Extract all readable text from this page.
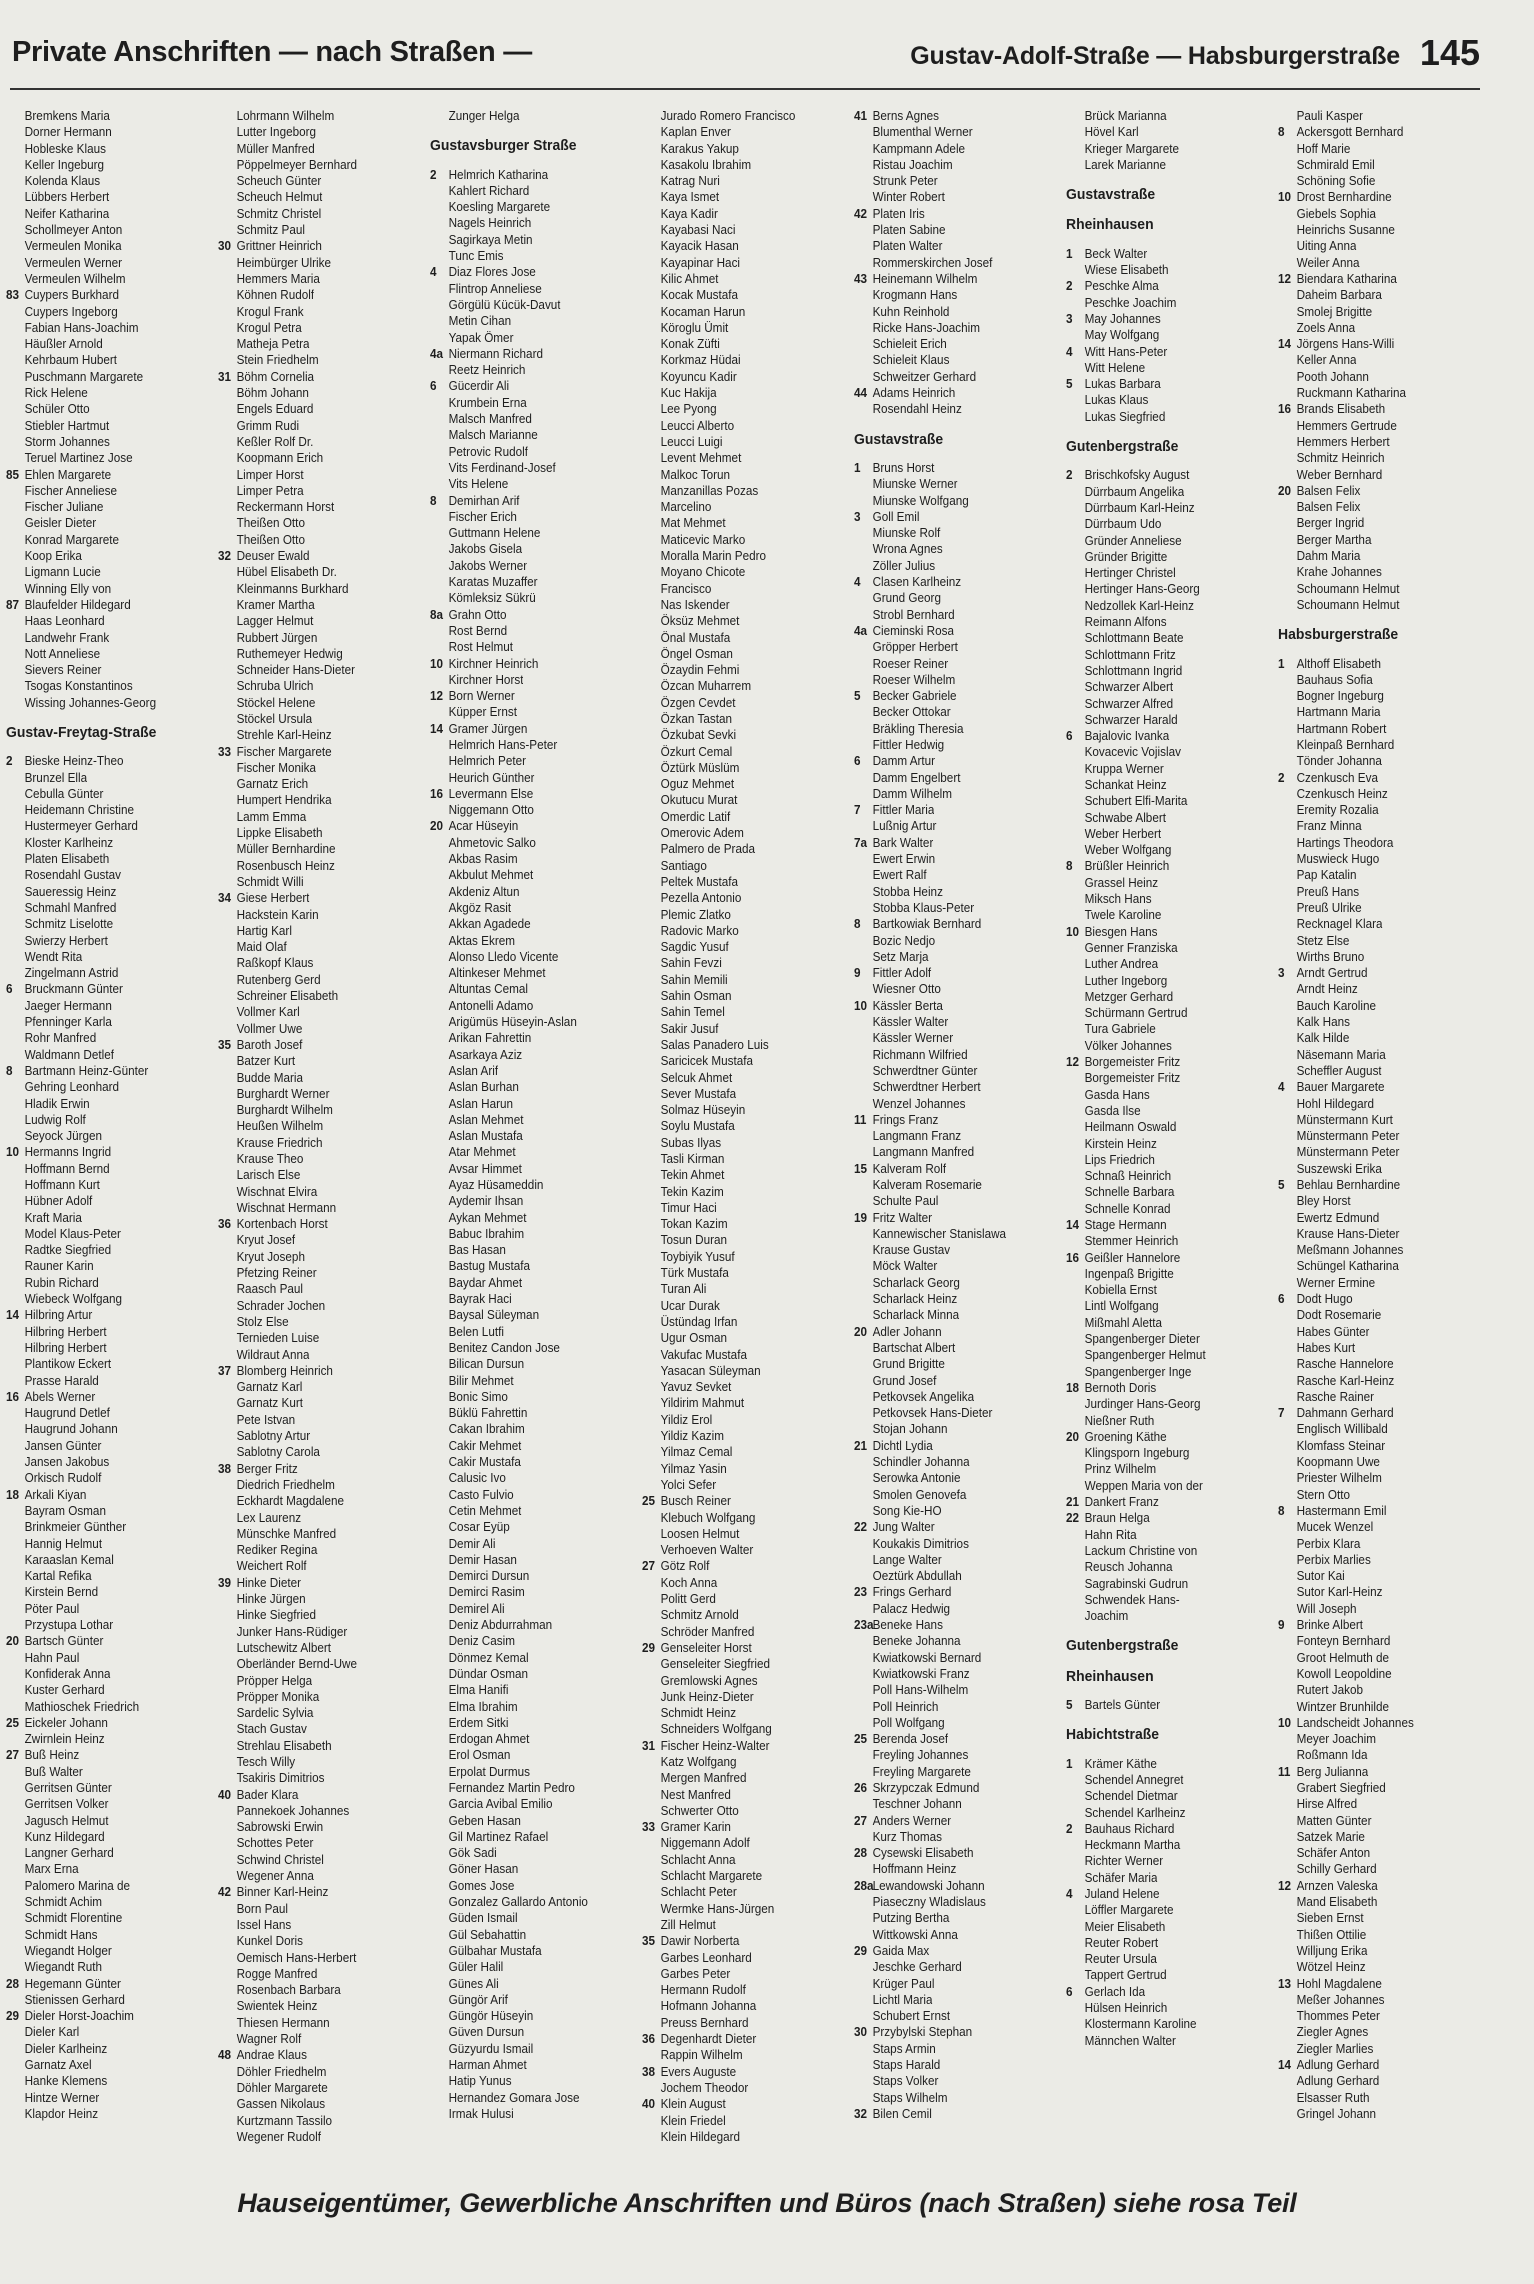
Private Anschriften — nach Straßen —	Gustav-Adolf-Straße — Habsburgerstraße 145
Bremkens Maria
Dorner Hermann
Hobleske Klaus
Keller Ingeburg
Kolenda Klaus
Lübbers Herbert
Neifer Katharina
Schollmeyer Anton
Vermeulen Monika
Vermeulen Werner
Vermeulen Wilhelm
83 Cuypers Burkhard
Cuypers Ingeborg
Fabian Hans-Joachim
Häußler Arnold
Kehrbaum Hubert
Puschmann Margarete
Rick Helene
Schüler Otto
Stiebler Hartmut
Storm Johannes
Teruel Martinez Jose
85 Ehlen Margarete
Fischer Anneliese
Fischer Juliane
Geisler Dieter
Konrad Margarete
Koop Erika
Ligmann Lucie
Winning Elly von
87 Blaufelder Hildegard
Haas Leonhard
Landwehr Frank
Nott Anneliese
Sievers Reiner
Tsogas Konstantinos
Wissing Johannes-Georg
Gustav-Freytag-Straße
2 Bieske Heinz-Theo
Brunzel Ella
Cebulla Günter
Heidemann Christine
Hustermeyer Gerhard
Kloster Karlheinz
Platen Elisabeth
Rosendahl Gustav
Saueressig Heinz
Schmahl Manfred
Schmitz Liselotte
Swierzy Herbert
Wendt Rita
Zingelmann Astrid
6 Bruckmann Günter
Jaeger Hermann
Pfenninger Karla
Rohr Manfred
Waldmann Detlef
8 Bartmann Heinz-Günter
Gehring Leonhard
Hladik Erwin
Ludwig Rolf
Seyock Jürgen
10 Hermanns Ingrid
Hoffmann Bernd
Hoffmann Kurt
Hübner Adolf
Kraft Maria
Model Klaus-Peter
Radtke Siegfried
Rauner Karin
Rubin Richard
Wiebeck Wolfgang
14 Hilbring Artur
Hilbring Herbert
Hilbring Herbert
Plantikow Eckert
Prasse Harald
16 Abels Werner
Haugrund Detlef
Haugrund Johann
Jansen Günter
Jansen Jakobus
Orkisch Rudolf
18 Arkali Kiyan
Bayram Osman
Brinkmeier Günther
Hannig Helmut
Karaaslan Kemal
Kartal Refika
Kirstein Bernd
Pöter Paul
Przystupa Lothar
20 Bartsch Günter
Hahn Paul
Konfiderak Anna
Kuster Gerhard
Mathioschek Friedrich
25 Eickeler Johann
Zwirnlein Heinz
27 Buß Heinz
Buß Walter
Gerritsen Günter
Gerritsen Volker
Jagusch Helmut
Kunz Hildegard
Langner Gerhard
Marx Erna
Palomero Marina de
Schmidt Achim
Schmidt Florentine
Schmidt Hans
Wiegandt Holger
Wiegandt Ruth
28 Hegemann Günter
Stienissen Gerhard
29 Dieler Horst-Joachim
Dieler Karl
Dieler Karlheinz
Garnatz Axel
Hanke Klemens
Hintze Werner
Klapdor Heinz
Lohrmann Wilhelm
Lutter Ingeborg
Müller Manfred
Pöppelmeyer Bernhard
Scheuch Günter
Scheuch Helmut
Schmitz Christel
Schmitz Paul
30 Grittner Heinrich
Heimbürger Ulrike
Hemmers Maria
Köhnen Rudolf
Krogul Frank
Krogul Petra
Matheja Petra
Stein Friedhelm
31 Böhm Cornelia
Böhm Johann
Engels Eduard
Grimm Rudi
Keßler Rolf Dr.
Koopmann Erich
Limper Horst
Limper Petra
Reckermann Horst
Theißen Otto
Theißen Otto
32 Deuser Ewald
Hübel Elisabeth Dr.
Kleinmanns Burkhard
Kramer Martha
Lagger Helmut
Rubbert Jürgen
Ruthemeyer Hedwig
Schneider Hans-Dieter
Schruba Ulrich
Stöckel Helene
Stöckel Ursula
Strehle Karl-Heinz
33 Fischer Margarete
Fischer Monika
Garnatz Erich
Humpert Hendrika
Lamm Emma
Lippke Elisabeth
Müller Bernhardine
Rosenbusch Heinz
Schmidt Willi
34 Giese Herbert
Hackstein Karin
Hartig Karl
Maid Olaf
Raßkopf Klaus
Rutenberg Gerd
Schreiner Elisabeth
Vollmer Karl
Vollmer Uwe
35 Baroth Josef
Batzer Kurt
Budde Maria
Burghardt Werner
Burghardt Wilhelm
Heußen Wilhelm
Krause Friedrich
Krause Theo
Larisch Else
Wischnat Elvira
Wischnat Hermann
36 Kortenbach Horst
Kryut Josef
Kryut Joseph
Pfetzing Reiner
Raasch Paul
Schrader Jochen
Stolz Else
Ternieden Luise
Wildraut Anna
37 Blomberg Heinrich
Garnatz Karl
Garnatz Kurt
Pete Istvan
Sablotny Artur
Sablotny Carola
38 Berger Fritz
Diedrich Friedhelm
Eckhardt Magdalene
Lex Laurenz
Münschke Manfred
Rediker Regina
Weichert Rolf
39 Hinke Dieter
Hinke Jürgen
Hinke Siegfried
Junker Hans-Rüdiger
Lutschewitz Albert
Oberländer Bernd-Uwe
Pröpper Helga
Pröpper Monika
Sardelic Sylvia
Stach Gustav
Strehlau Elisabeth
Tesch Willy
Tsakiris Dimitrios
40 Bader Klara
Pannekoek Johannes
Sabrowski Erwin
Schottes Peter
Schwind Christel
Wegener Anna
42 Binner Karl-Heinz
Born Paul
Issel Hans
Kunkel Doris
Oemisch Hans-Herbert
Rogge Manfred
Rosenbach Barbara
Swientek Heinz
Thiesen Hermann
Wagner Rolf
48 Andrae Klaus
Döhler Friedhelm
Döhler Margarete
Gassen Nikolaus
Kurtzmann Tassilo
Wegener Rudolf
Zunger Helga
Gustavsburger Straße
2 Helmrich Katharina
Kahlert Richard
Koesling Margarete
Nagels Heinrich
Sagirkaya Metin
Tunc Emis
4 Diaz Flores Jose
Flintrop Anneliese
Görgülü Kücük-Davut
Metin Cihan
Yapak Ömer
4a Niermann Richard
Reetz Heinrich
6 Gücerdir Ali
Krumbein Erna
Malsch Manfred
Malsch Marianne
Petrovic Rudolf
Vits Ferdinand-Josef
Vits Helene
8 Demirhan Arif
Fischer Erich
Guttmann Helene
Jakobs Gisela
Jakobs Werner
Karatas Muzaffer
Kömleksiz Sükrü
8a Grahn Otto
Rost Bernd
Rost Helmut
10 Kirchner Heinrich
Kirchner Horst
12 Born Werner
Küpper Ernst
14 Gramer Jürgen
Helmrich Hans-Peter
Helmrich Peter
Heurich Günther
16 Levermann Else
Niggemann Otto
20 Acar Hüseyin
Ahmetovic Salko
Akbas Rasim
Akbulut Mehmet
Akdeniz Altun
Akgöz Rasit
Akkan Agadede
Aktas Ekrem
Alonso Lledo Vicente
Altinkeser Mehmet
Altuntas Cemal
Antonelli Adamo
Arigümüs Hüseyin-Aslan
Arikan Fahrettin
Asarkaya Aziz
Aslan Arif
Aslan Burhan
Aslan Harun
Aslan Mehmet
Aslan Mustafa
Atar Mehmet
Avsar Himmet
Ayaz Hüsameddin
Aydemir Ihsan
Aykan Mehmet
Babuc Ibrahim
Bas Hasan
Bastug Mustafa
Baydar Ahmet
Bayrak Haci
Baysal Süleyman
Belen Lutfi
Benitez Candon Jose
Bilican Dursun
Bilir Mehmet
Bonic Simo
Büklü Fahrettin
Cakan Ibrahim
Cakir Mehmet
Cakir Mustafa
Calusic Ivo
Casto Fulvio
Cetin Mehmet
Cosar Eyüp
Demir Ali
Demir Hasan
Demirci Dursun
Demirci Rasim
Demirel Ali
Deniz Abdurrahman
Deniz Casim
Dönmez Kemal
Dündar Osman
Elma Hanifi
Elma Ibrahim
Erdem Sitki
Erdogan Ahmet
Erol Osman
Erpolat Durmus
Fernandez Martin Pedro
Garcia Avibal Emilio
Geben Hasan
Gil Martinez Rafael
Gök Sadi
Göner Hasan
Gomes Jose
Gonzalez Gallardo Antonio
Güden Ismail
Gül Sebahattin
Gülbahar Mustafa
Güler Halil
Günes Ali
Güngör Arif
Güngör Hüseyin
Güven Dursun
Güzyurdu Ismail
Harman Ahmet
Hatip Yunus
Hernandez Gomara Jose
Irmak Hulusi
Jurado Romero Francisco
Kaplan Enver
Karakus Yakup
Kasakolu Ibrahim
Katrag Nuri
Kaya Ismet
Kaya Kadir
Kayabasi Naci
Kayacik Hasan
Kayapinar Haci
Kilic Ahmet
Kocak Mustafa
Kocaman Harun
Köroglu Ümit
Konak Züfti
Korkmaz Hüdai
Koyuncu Kadir
Kuc Hakija
Lee Pyong
Leucci Alberto
Leucci Luigi
Levent Mehmet
Malkoc Torun
Manzanillas Pozas
Marcelino
Mat Mehmet
Maticevic Marko
Moralla Marin Pedro
Moyano Chicote
Francisco
Nas Iskender
Öksüz Mehmet
Önal Mustafa
Öngel Osman
Özaydin Fehmi
Özcan Muharrem
Özgen Cevdet
Özkan Tastan
Özkubat Sevki
Özkurt Cemal
Öztürk Müslüm
Oguz Mehmet
Okutucu Murat
Omerdic Latif
Omerovic Adem
Palmero de Prada
Santiago
Peltek Mustafa
Pezella Antonio
Plemic Zlatko
Radovic Marko
Sagdic Yusuf
Sahin Fevzi
Sahin Memili
Sahin Osman
Sahin Temel
Sakir Jusuf
Salas Panadero Luis
Saricicek Mustafa
Selcuk Ahmet
Sever Mustafa
Solmaz Hüseyin
Soylu Mustafa
Subas Ilyas
Tasli Kirman
Tekin Ahmet
Tekin Kazim
Timur Haci
Tokan Kazim
Tosun Duran
Toybiyik Yusuf
Türk Mustafa
Turan Ali
Ucar Durak
Üstündag Irfan
Ugur Osman
Vakufac Mustafa
Yasacan Süleyman
Yavuz Sevket
Yildirim Mahmut
Yildiz Erol
Yildiz Kazim
Yilmaz Cemal
Yilmaz Yasin
Yolci Sefer
25 Busch Reiner
Klebuch Wolfgang
Loosen Helmut
Verhoeven Walter
27 Götz Rolf
Koch Anna
Politt Gerd
Schmitz Arnold
Schröder Manfred
29 Genseleiter Horst
Genseleiter Siegfried
Gremlowski Agnes
Junk Heinz-Dieter
Schmidt Heinz
Schneiders Wolfgang
31 Fischer Heinz-Walter
Katz Wolfgang
Mergen Manfred
Nest Manfred
Schwerter Otto
33 Gramer Karin
Niggemann Adolf
Schlacht Anna
Schlacht Margarete
Schlacht Peter
Wermke Hans-Jürgen
Zill Helmut
35 Dawir Norberta
Garbes Leonhard
Garbes Peter
Hermann Rudolf
Hofmann Johanna
Preuss Bernhard
36 Degenhardt Dieter
Rappin Wilhelm
38 Evers Auguste
Jochem Theodor
40 Klein August
Klein Friedel
Klein Hildegard
41 Berns Agnes
Blumenthal Werner
Kampmann Adele
Ristau Joachim
Strunk Peter
Winter Robert
42 Platen Iris
Platen Sabine
Platen Walter
Rommerskirchen Josef
43 Heinemann Wilhelm
Krogmann Hans
Kuhn Reinhold
Ricke Hans-Joachim
Schieleit Erich
Schieleit Klaus
Schweitzer Gerhard
44 Adams Heinrich
Rosendahl Heinz
Gustavstraße
1 Bruns Horst
Miunske Werner
Miunske Wolfgang
3 Goll Emil
Miunske Rolf
Wrona Agnes
Zöller Julius
4 Clasen Karlheinz
Grund Georg
Strobl Bernhard
4a Cieminski Rosa
Gröpper Herbert
Roeser Reiner
Roeser Wilhelm
5 Becker Gabriele
Becker Ottokar
Bräkling Theresia
Fittler Hedwig
6 Damm Artur
Damm Engelbert
Damm Wilhelm
7 Fittler Maria
Lußnig Artur
7a Bark Walter
Ewert Erwin
Ewert Ralf
Stobba Heinz
Stobba Klaus-Peter
8 Bartkowiak Bernhard
Bozic Nedjo
Setz Marja
9 Fittler Adolf
Wiesner Otto
10 Kässler Berta
Kässler Walter
Kässler Werner
Richmann Wilfried
Schwerdtner Günter
Schwerdtner Herbert
Wenzel Johannes
11 Frings Franz
Langmann Franz
Langmann Manfred
15 Kalveram Rolf
Kalveram Rosemarie
Schulte Paul
19 Fritz Walter
Kannewischer Stanislawa
Krause Gustav
Möck Walter
Scharlack Georg
Scharlack Heinz
Scharlack Minna
20 Adler Johann
Bartschat Albert
Grund Brigitte
Grund Josef
Petkovsek Angelika
Petkovsek Hans-Dieter
Stojan Johann
21 Dichtl Lydia
Schindler Johanna
Serowka Antonie
Smolen Genovefa
Song Kie-HO
22 Jung Walter
Koukakis Dimitrios
Lange Walter
Oeztürk Abdullah
23 Frings Gerhard
Palacz Hedwig
23a Beneke Hans
Beneke Johanna
Kwiatkowski Bernard
Kwiatkowski Franz
Poll Hans-Wilhelm
Poll Heinrich
Poll Wolfgang
25 Berenda Josef
Freyling Johannes
Freyling Margarete
26 Skrzypczak Edmund
Teschner Johann
27 Anders Werner
Kurz Thomas
28 Cysewski Elisabeth
Hoffmann Heinz
28a Lewandowski Johann
Piaseczny Wladislaus
Putzing Bertha
Wittkowski Anna
29 Gaida Max
Jeschke Gerhard
Krüger Paul
Lichtl Maria
Schubert Ernst
30 Przybylski Stephan
Staps Armin
Staps Harald
Staps Volker
Staps Wilhelm
32 Bilen Cemil
Brück Marianna
Hövel Karl
Krieger Margarete
Larek Marianne
Gustavstraße
Rheinhausen
1 Beck Walter
Wiese Elisabeth
2 Peschke Alma
Peschke Joachim
3 May Johannes
May Wolfgang
4 Witt Hans-Peter
Witt Helene
5 Lukas Barbara
Lukas Klaus
Lukas Siegfried
Gutenbergstraße
2 Brischkofsky August
Dürrbaum Angelika
Dürrbaum Karl-Heinz
Dürrbaum Udo
Gründer Anneliese
Gründer Brigitte
Hertinger Christel
Hertinger Hans-Georg
Nedzollek Karl-Heinz
Reimann Alfons
Schlottmann Beate
Schlottmann Fritz
Schlottmann Ingrid
Schwarzer Albert
Schwarzer Alfred
Schwarzer Harald
6 Bajalovic Ivanka
Kovacevic Vojislav
Kruppa Werner
Schankat Heinz
Schubert Elfi-Marita
Schwabe Albert
Weber Herbert
Weber Wolfgang
8 Brüßler Heinrich
Grassel Heinz
Miksch Hans
Twele Karoline
10 Biesgen Hans
Genner Franziska
Luther Andrea
Luther Ingeborg
Metzger Gerhard
Schürmann Gertrud
Tura Gabriele
Völker Johannes
12 Borgemeister Fritz
Borgemeister Fritz
Gasda Hans
Gasda Ilse
Heilmann Oswald
Kirstein Heinz
Lips Friedrich
Schnaß Heinrich
Schnelle Barbara
Schnelle Konrad
14 Stage Hermann
Stemmer Heinrich
16 Geißler Hannelore
Ingenpaß Brigitte
Kobiella Ernst
Lintl Wolfgang
Mißmahl Aletta
Spangenberger Dieter
Spangenberger Helmut
Spangenberger Inge
18 Bernoth Doris
Jurdinger Hans-Georg
Nießner Ruth
20 Groening Käthe
Klingsporn Ingeburg
Prinz Wilhelm
Weppen Maria von der
21 Dankert Franz
22 Braun Helga
Hahn Rita
Lackum Christine von
Reusch Johanna
Sagrabinski Gudrun
Schwendek Hans-
Joachim
Gutenbergstraße
Rheinhausen
5 Bartels Günter
Habichtstraße
1 Krämer Käthe
Schendel Annegret
Schendel Dietmar
Schendel Karlheinz
2 Bauhaus Richard
Heckmann Martha
Richter Werner
Schäfer Maria
4 Juland Helene
Löffler Margarete
Meier Elisabeth
Reuter Robert
Reuter Ursula
Tappert Gertrud
6 Gerlach Ida
Hülsen Heinrich
Klostermann Karoline
Männchen Walter
Pauli Kasper
8 Ackersgott Bernhard
Hoff Marie
Schmirald Emil
Schöning Sofie
10 Drost Bernhardine
Giebels Sophia
Heinrichs Susanne
Uiting Anna
Weiler Anna
12 Biendara Katharina
Daheim Barbara
Smolej Brigitte
Zoels Anna
14 Jörgens Hans-Willi
Keller Anna
Pooth Johann
Ruckmann Katharina
16 Brands Elisabeth
Hemmers Gertrude
Hemmers Herbert
Schmitz Heinrich
Weber Bernhard
20 Balsen Felix
Balsen Felix
Berger Ingrid
Berger Martha
Dahm Maria
Krahe Johannes
Schoumann Helmut
Schoumann Helmut
Habsburgerstraße
1 Althoff Elisabeth
Bauhaus Sofia
Bogner Ingeburg
Hartmann Maria
Hartmann Robert
Kleinpaß Bernhard
Tönder Johanna
2 Czenkusch Eva
Czenkusch Heinz
Eremity Rozalia
Franz Minna
Hartings Theodora
Muswieck Hugo
Pap Katalin
Preuß Hans
Preuß Ulrike
Recknagel Klara
Stetz Else
Wirths Bruno
3 Arndt Gertrud
Arndt Heinz
Bauch Karoline
Kalk Hans
Kalk Hilde
Näsemann Maria
Scheffler August
4 Bauer Margarete
Hohl Hildegard
Münstermann Kurt
Münstermann Peter
Münstermann Peter
Suszewski Erika
5 Behlau Bernhardine
Bley Horst
Ewertz Edmund
Krause Hans-Dieter
Meßmann Johannes
Schüngel Katharina
Werner Ermine
6 Dodt Hugo
Dodt Rosemarie
Habes Günter
Habes Kurt
Rasche Hannelore
Rasche Karl-Heinz
Rasche Rainer
7 Dahmann Gerhard
Englisch Willibald
Klomfass Steinar
Koopmann Uwe
Priester Wilhelm
Stern Otto
8 Hastermann Emil
Mucek Wenzel
Perbix Klara
Perbix Marlies
Sutor Kai
Sutor Karl-Heinz
Will Joseph
9 Brinke Albert
Fonteyn Bernhard
Groot Helmuth de
Kowoll Leopoldine
Rutert Jakob
Wintzer Brunhilde
10 Landscheidt Johannes
Meyer Joachim
Roßmann Ida
11 Berg Julianna
Grabert Siegfried
Hirse Alfred
Matten Günter
Satzek Marie
Schäfer Anton
Schilly Gerhard
12 Arnzen Valeska
Mand Elisabeth
Sieben Ernst
Thißen Ottilie
Willjung Erika
Wötzel Heinz
13 Hohl Magdalene
Meßer Johannes
Thommes Peter
Ziegler Agnes
Ziegler Marlies
14 Adlung Gerhard
Adlung Gerhard
Elsasser Ruth
Gringel Johann
Hauseigentümer, Gewerbliche Anschriften und Büros (nach Straßen) siehe rosa Teil
